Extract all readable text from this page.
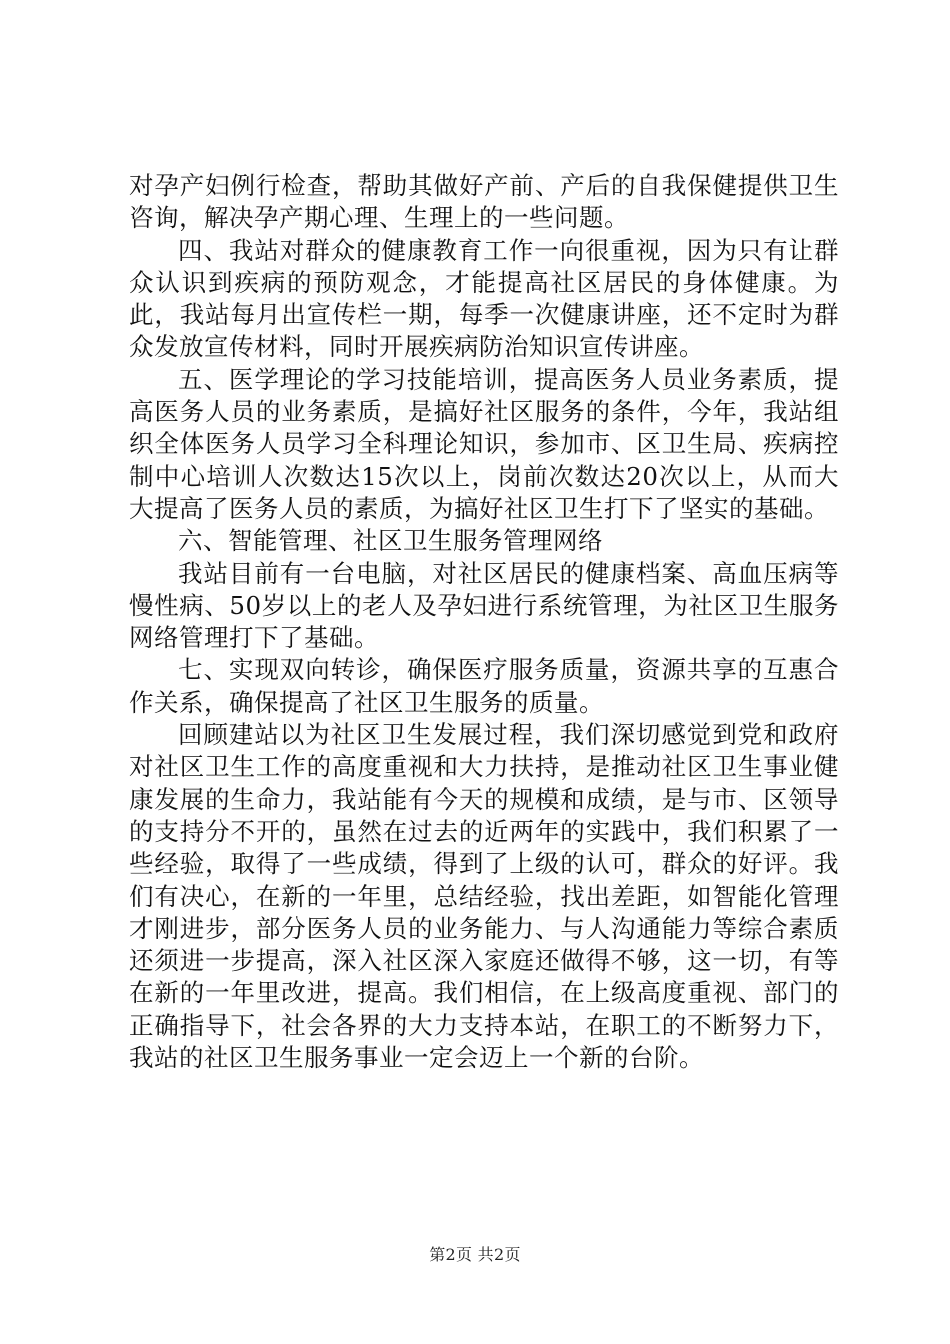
对孕产妇例行检查，帮助其做好产前、产后的自我保健提供卫生咨询，解决孕产期心理、生理上的一些问题。

四、我站对群众的健康教育工作一向很重视，因为只有让群众认识到疾病的预防观念，才能提高社区居民的身体健康。为此，我站每月出宣传栏一期，每季一次健康讲座，还不定时为群众发放宣传材料，同时开展疾病防治知识宣传讲座。

五、医学理论的学习技能培训，提高医务人员业务素质，提高医务人员的业务素质，是搞好社区服务的条件，今年，我站组织全体医务人员学习全科理论知识，参加市、区卫生局、疾病控制中心培训人次数达15次以上，岗前次数达20次以上，从而大大提高了医务人员的素质，为搞好社区卫生打下了坚实的基础。

六、智能管理、社区卫生服务管理网络

我站目前有一台电脑，对社区居民的健康档案、高血压病等慢性病、50岁以上的老人及孕妇进行系统管理，为社区卫生服务网络管理打下了基础。

七、实现双向转诊，确保医疗服务质量，资源共享的互惠合作关系，确保提高了社区卫生服务的质量。

回顾建站以为社区卫生发展过程，我们深切感觉到党和政府对社区卫生工作的高度重视和大力扶持，是推动社区卫生事业健康发展的生命力，我站能有今天的规模和成绩，是与市、区领导的支持分不开的，虽然在过去的近两年的实践中，我们积累了一些经验，取得了一些成绩，得到了上级的认可，群众的好评。我们有决心，在新的一年里，总结经验，找出差距，如智能化管理才刚进步，部分医务人员的业务能力、与人沟通能力等综合素质还须进一步提高，深入社区深入家庭还做得不够，这一切，有等在新的一年里改进，提高。我们相信，在上级高度重视、部门的正确指导下，社会各界的大力支持本站，在职工的不断努力下，我站的社区卫生服务事业一定会迈上一个新的台阶。

第2页 共2页
